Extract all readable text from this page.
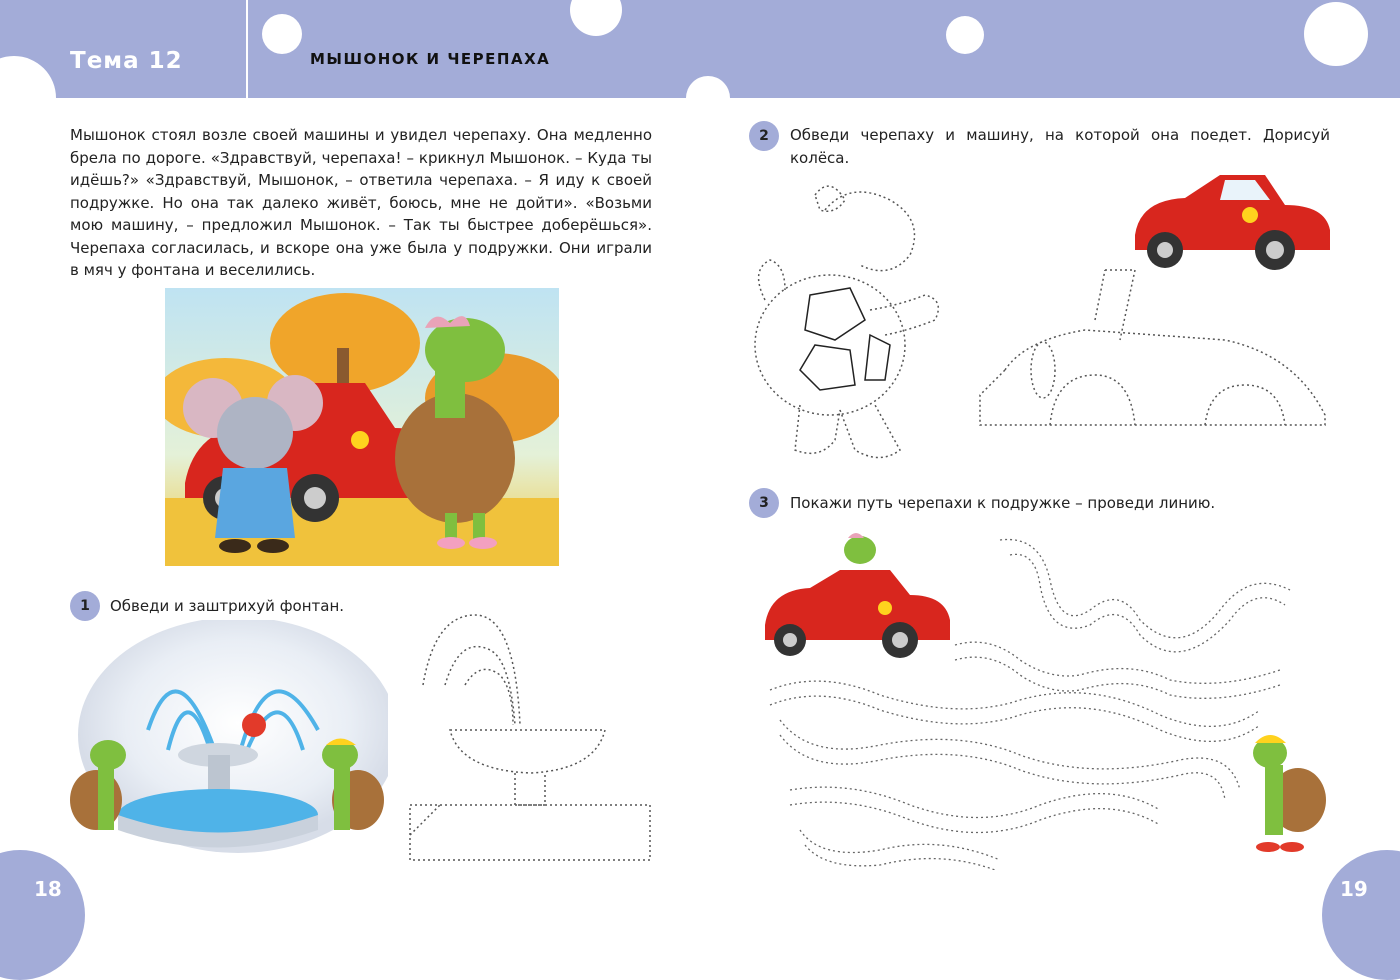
Тема 12	МЫШОНОК И ЧЕРЕПАХА

Мышонок стоял возле своей машины и увидел черепаху. Она медленно брела по дороге. «Здравствуй, черепаха! – крикнул Мышонок. – Куда ты идёшь?» «Здравствуй, Мышонок, – ответила черепаха. – Я иду к своей подружке. Но она так далеко живёт, боюсь, мне не дойти». «Возьми мою машину, – предложил Мышонок. – Так ты быстрее доберёшься». Черепаха согласилась, и вскоре она уже была у подружки. Они играли в мяч у фонтана и веселились.

1	Обведи и заштрихуй фонтан.
2	Обведи черепаху и машину, на которой она поедет. Дорисуй колёса.
3	Покажи путь черепахи к подружке – проведи линию.
18	19
